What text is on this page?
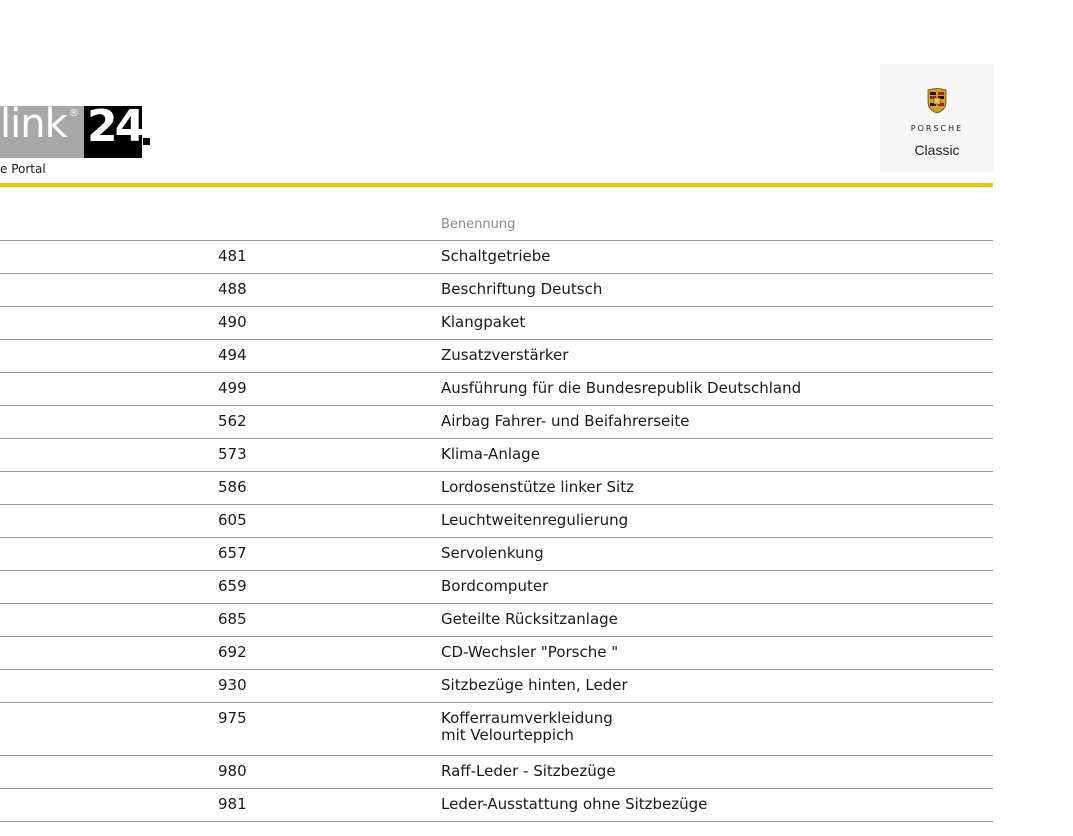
link ® 24
e Portal
PORSCHE
Classic
Benennung
481	Schaltgetriebe
488	Beschriftung Deutsch
490	Klangpaket
494	Zusatzverstärker
499	Ausführung für die Bundesrepublik Deutschland
562	Airbag Fahrer- und Beifahrerseite
573	Klima-Anlage
586	Lordosenstütze linker Sitz
605	Leuchtweitenregulierung
657	Servolenkung
659	Bordcomputer
685	Geteilte Rücksitzanlage
692	CD-Wechsler "Porsche "
930	Sitzbezüge hinten, Leder
975	Kofferraumverkleidung
mit Velourteppich
980	Raff-Leder - Sitzbezüge
981	Leder-Ausstattung ohne Sitzbezüge
